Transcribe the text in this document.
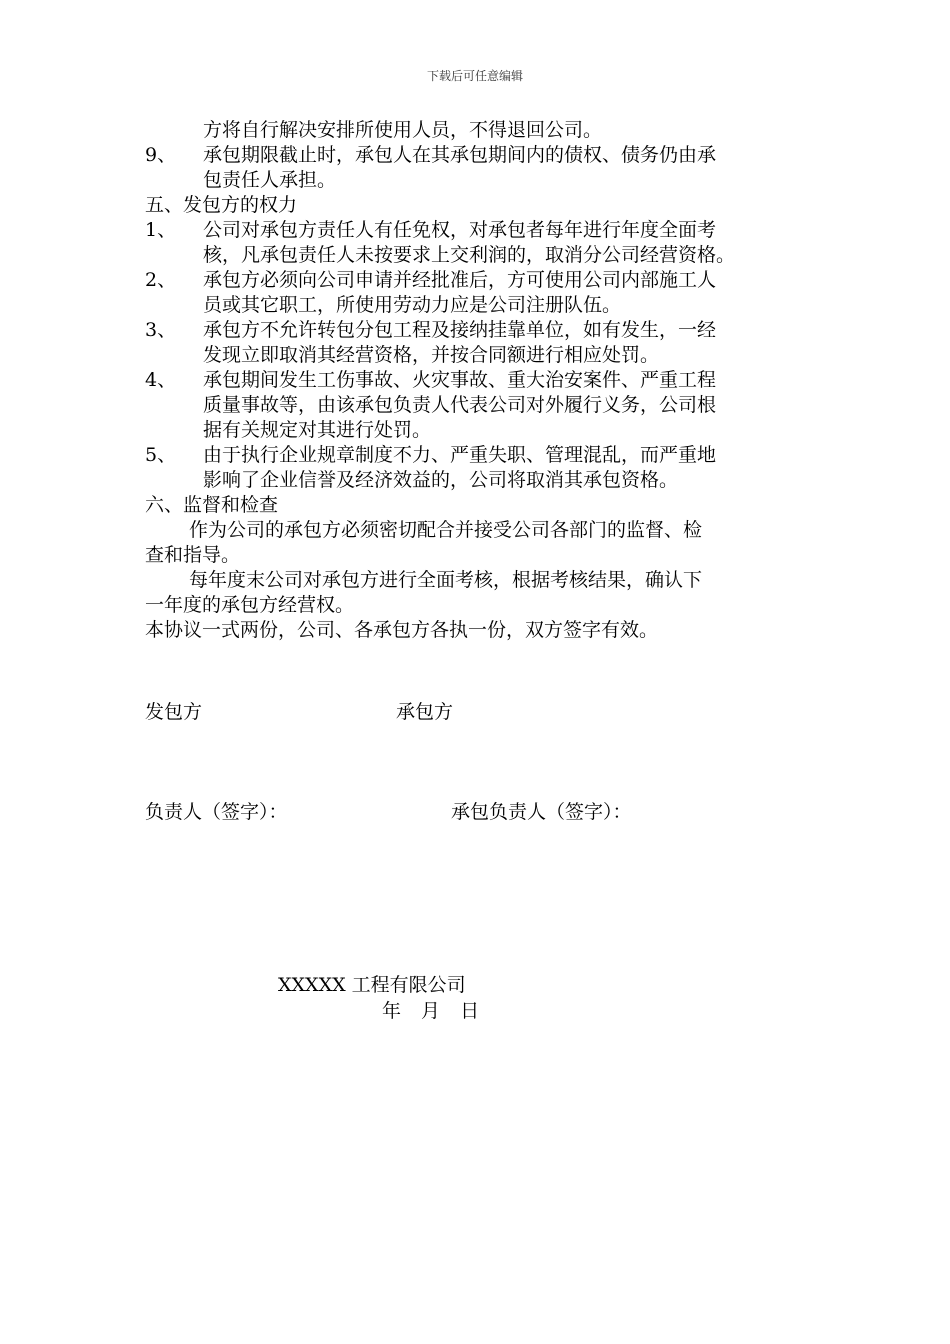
下载后可任意编辑
方将自行解决安排所使用人员，不得退回公司。
9、	承包期限截止时，承包人在其承包期间内的债权、债务仍由承
包责任人承担。
五、发包方的权力
1、	公司对承包方责任人有任免权，对承包者每年进行年度全面考
核，凡承包责任人未按要求上交利润的，取消分公司经营资格。
2、	承包方必须向公司申请并经批准后，方可使用公司内部施工人
员或其它职工，所使用劳动力应是公司注册队伍。
3、	承包方不允许转包分包工程及接纳挂靠单位，如有发生，一经
发现立即取消其经营资格，并按合同额进行相应处罚。
4、	承包期间发生工伤事故、火灾事故、重大治安案件、严重工程
质量事故等，由该承包负责人代表公司对外履行义务，公司根
据有关规定对其进行处罚。
5、	由于执行企业规章制度不力、严重失职、管理混乱，而严重地
影响了企业信誉及经济效益的，公司将取消其承包资格。
六、监督和检查
作为公司的承包方必须密切配合并接受公司各部门的监督、检
查和指导。
每年度末公司对承包方进行全面考核，根据考核结果，确认下
一年度的承包方经营权。
本协议一式两份，公司、各承包方各执一份，双方签字有效。
发包方	承包方
负责人（签字）：	承包负责人（签字）：
XXXXX 工程有限公司
年 月 日
